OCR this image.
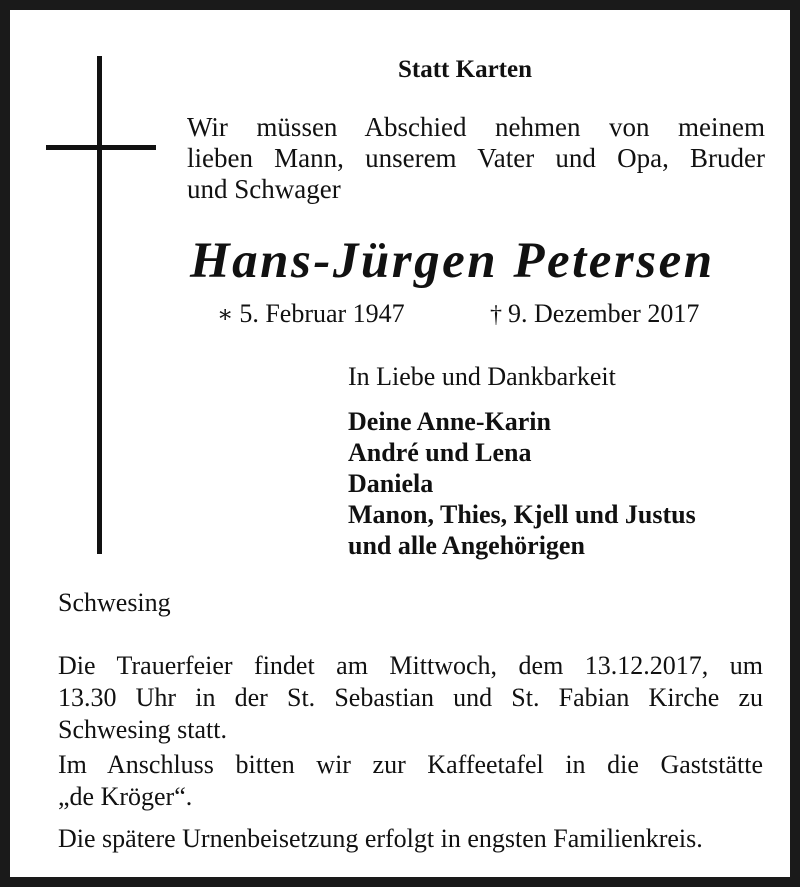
Statt Karten
Wir müssen Abschied nehmen von meinem
lieben Mann, unserem Vater und Opa, Bruder
und Schwager
Hans-Jürgen Petersen
∗ 5. Februar 1947	† 9. Dezember 2017
In Liebe und Dankbarkeit
Deine Anne-Karin
André und Lena
Daniela
Manon, Thies, Kjell und Justus
und alle Angehörigen
Schwesing
Die Trauerfeier findet am Mittwoch, dem 13.12.2017, um
13.30 Uhr in der St. Sebastian und St. Fabian Kirche zu
Schwesing statt.
Im Anschluss bitten wir zur Kaffeetafel in die Gaststätte
„de Kröger“.
Die spätere Urnenbeisetzung erfolgt in engsten Familienkreis.
